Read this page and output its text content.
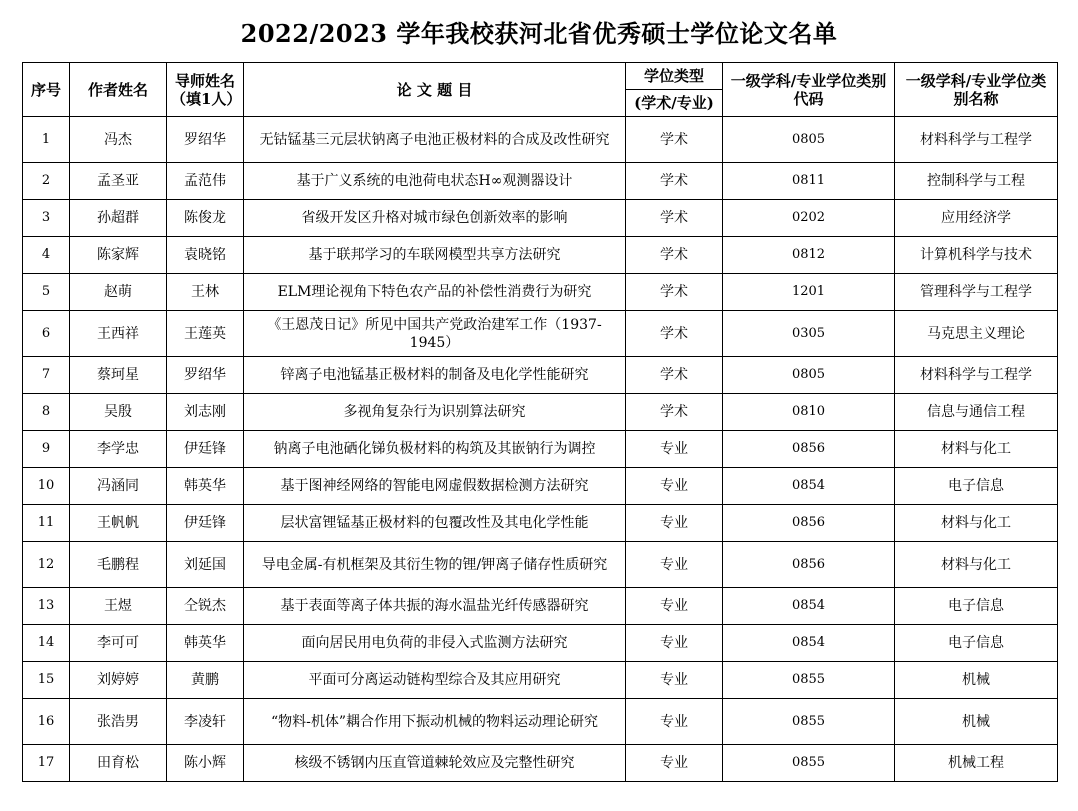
2022/2023 学年我校获河北省优秀硕士学位论文名单
序号	作者姓名	导师姓名（填1人）	论 文 题 目	学位类型	一级学科/专业学位类别代码	一级学科/专业学位类别名称
				(学术/专业)		
1	冯杰	罗绍华	无钴锰基三元层状钠离子电池正极材料的合成及改性研究	学术	0805	材料科学与工程学
2	孟圣亚	孟范伟	基于广义系统的电池荷电状态H∞观测器设计	学术	0811	控制科学与工程
3	孙超群	陈俊龙	省级开发区升格对城市绿色创新效率的影响	学术	0202	应用经济学
4	陈家辉	袁晓铭	基于联邦学习的车联网模型共享方法研究	学术	0812	计算机科学与技术
5	赵萌	王林	ELM理论视角下特色农产品的补偿性消费行为研究	学术	1201	管理科学与工程学
6	王西祥	王莲英	《王恩茂日记》所见中国共产党政治建军工作（1937-1945）	学术	0305	马克思主义理论
7	蔡珂星	罗绍华	锌离子电池锰基正极材料的制备及电化学性能研究	学术	0805	材料科学与工程学
8	吴殷	刘志刚	多视角复杂行为识别算法研究	学术	0810	信息与通信工程
9	李学忠	伊廷锋	钠离子电池硒化锑负极材料的构筑及其嵌钠行为调控	专业	0856	材料与化工
10	冯涵同	韩英华	基于图神经网络的智能电网虚假数据检测方法研究	专业	0854	电子信息
11	王帆帆	伊廷锋	层状富锂锰基正极材料的包覆改性及其电化学性能	专业	0856	材料与化工
12	毛鹏程	刘延国	导电金属-有机框架及其衍生物的锂/钾离子储存性质研究	专业	0856	材料与化工
13	王煜	仝锐杰	基于表面等离子体共振的海水温盐光纤传感器研究	专业	0854	电子信息
14	李可可	韩英华	面向居民用电负荷的非侵入式监测方法研究	专业	0854	电子信息
15	刘婷婷	黄鹏	平面可分离运动链构型综合及其应用研究	专业	0855	机械
16	张浩男	李凌轩	“物料-机体”耦合作用下振动机械的物料运动理论研究	专业	0855	机械
17	田育松	陈小辉	核级不锈钢内压直管道棘轮效应及完整性研究	专业	0855	机械工程
